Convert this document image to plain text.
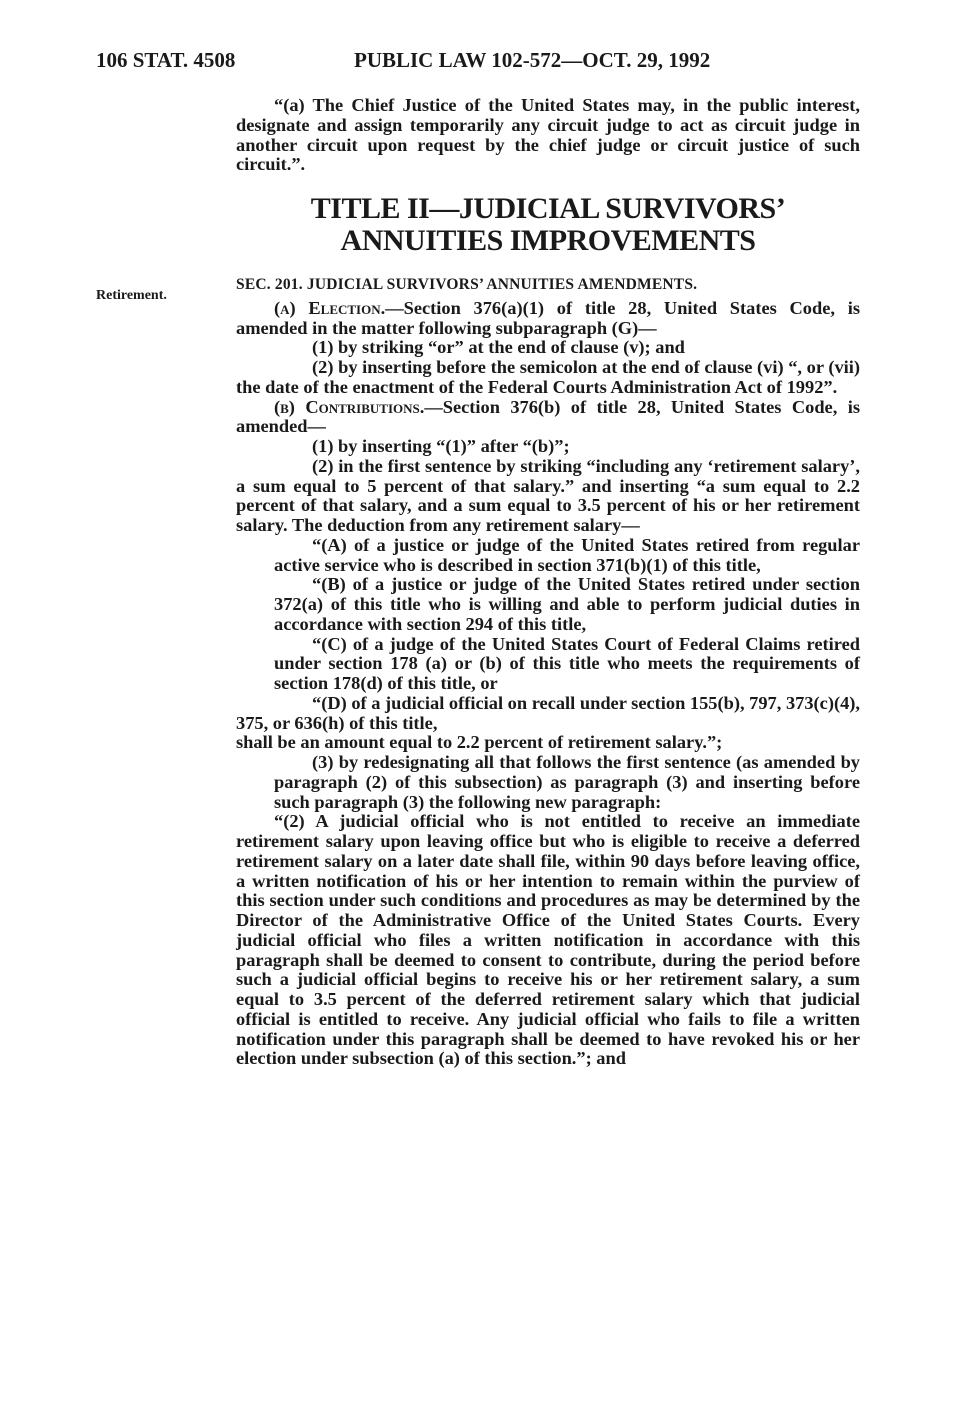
106 STAT. 4508	PUBLIC LAW 102-572—OCT. 29, 1992
Retirement.

“(a) The Chief Justice of the United States may, in the public interest, designate and assign temporarily any circuit judge to act as circuit judge in another circuit upon request by the chief judge or circuit justice of such circuit.”.

TITLE II—JUDICIAL SURVIVORS’
ANNUITIES IMPROVEMENTS

SEC. 201. JUDICIAL SURVIVORS’ ANNUITIES AMENDMENTS.

(a) Election.—Section 376(a)(1) of title 28, United States Code, is amended in the matter following subparagraph (G)—

(1) by striking “or” at the end of clause (v); and

(2) by inserting before the semicolon at the end of clause (vi) “, or (vii) the date of the enactment of the Federal Courts Administration Act of 1992”.

(b) Contributions.—Section 376(b) of title 28, United States Code, is amended—

(1) by inserting “(1)” after “(b)”;

(2) in the first sentence by striking “including any ‘retirement salary’, a sum equal to 5 percent of that salary.” and inserting “a sum equal to 2.2 percent of that salary, and a sum equal to 3.5 percent of his or her retirement salary. The deduction from any retirement salary—

“(A) of a justice or judge of the United States retired from regular active service who is described in section 371(b)(1) of this title,

“(B) of a justice or judge of the United States retired under section 372(a) of this title who is willing and able to perform judicial duties in accordance with section 294 of this title,

“(C) of a judge of the United States Court of Federal Claims retired under section 178 (a) or (b) of this title who meets the requirements of section 178(d) of this title, or

“(D) of a judicial official on recall under section 155(b), 797, 373(c)(4), 375, or 636(h) of this title,

shall be an amount equal to 2.2 percent of retirement salary.”;

(3) by redesignating all that follows the first sentence (as amended by paragraph (2) of this subsection) as paragraph (3) and inserting before such paragraph (3) the following new paragraph:

“(2) A judicial official who is not entitled to receive an immediate retirement salary upon leaving office but who is eligible to receive a deferred retirement salary on a later date shall file, within 90 days before leaving office, a written notification of his or her intention to remain within the purview of this section under such conditions and procedures as may be determined by the Director of the Administrative Office of the United States Courts. Every judicial official who files a written notification in accordance with this paragraph shall be deemed to consent to contribute, during the period before such a judicial official begins to receive his or her retirement salary, a sum equal to 3.5 percent of the deferred retirement salary which that judicial official is entitled to receive. Any judicial official who fails to file a written notification under this paragraph shall be deemed to have revoked his or her election under subsection (a) of this section.”; and
